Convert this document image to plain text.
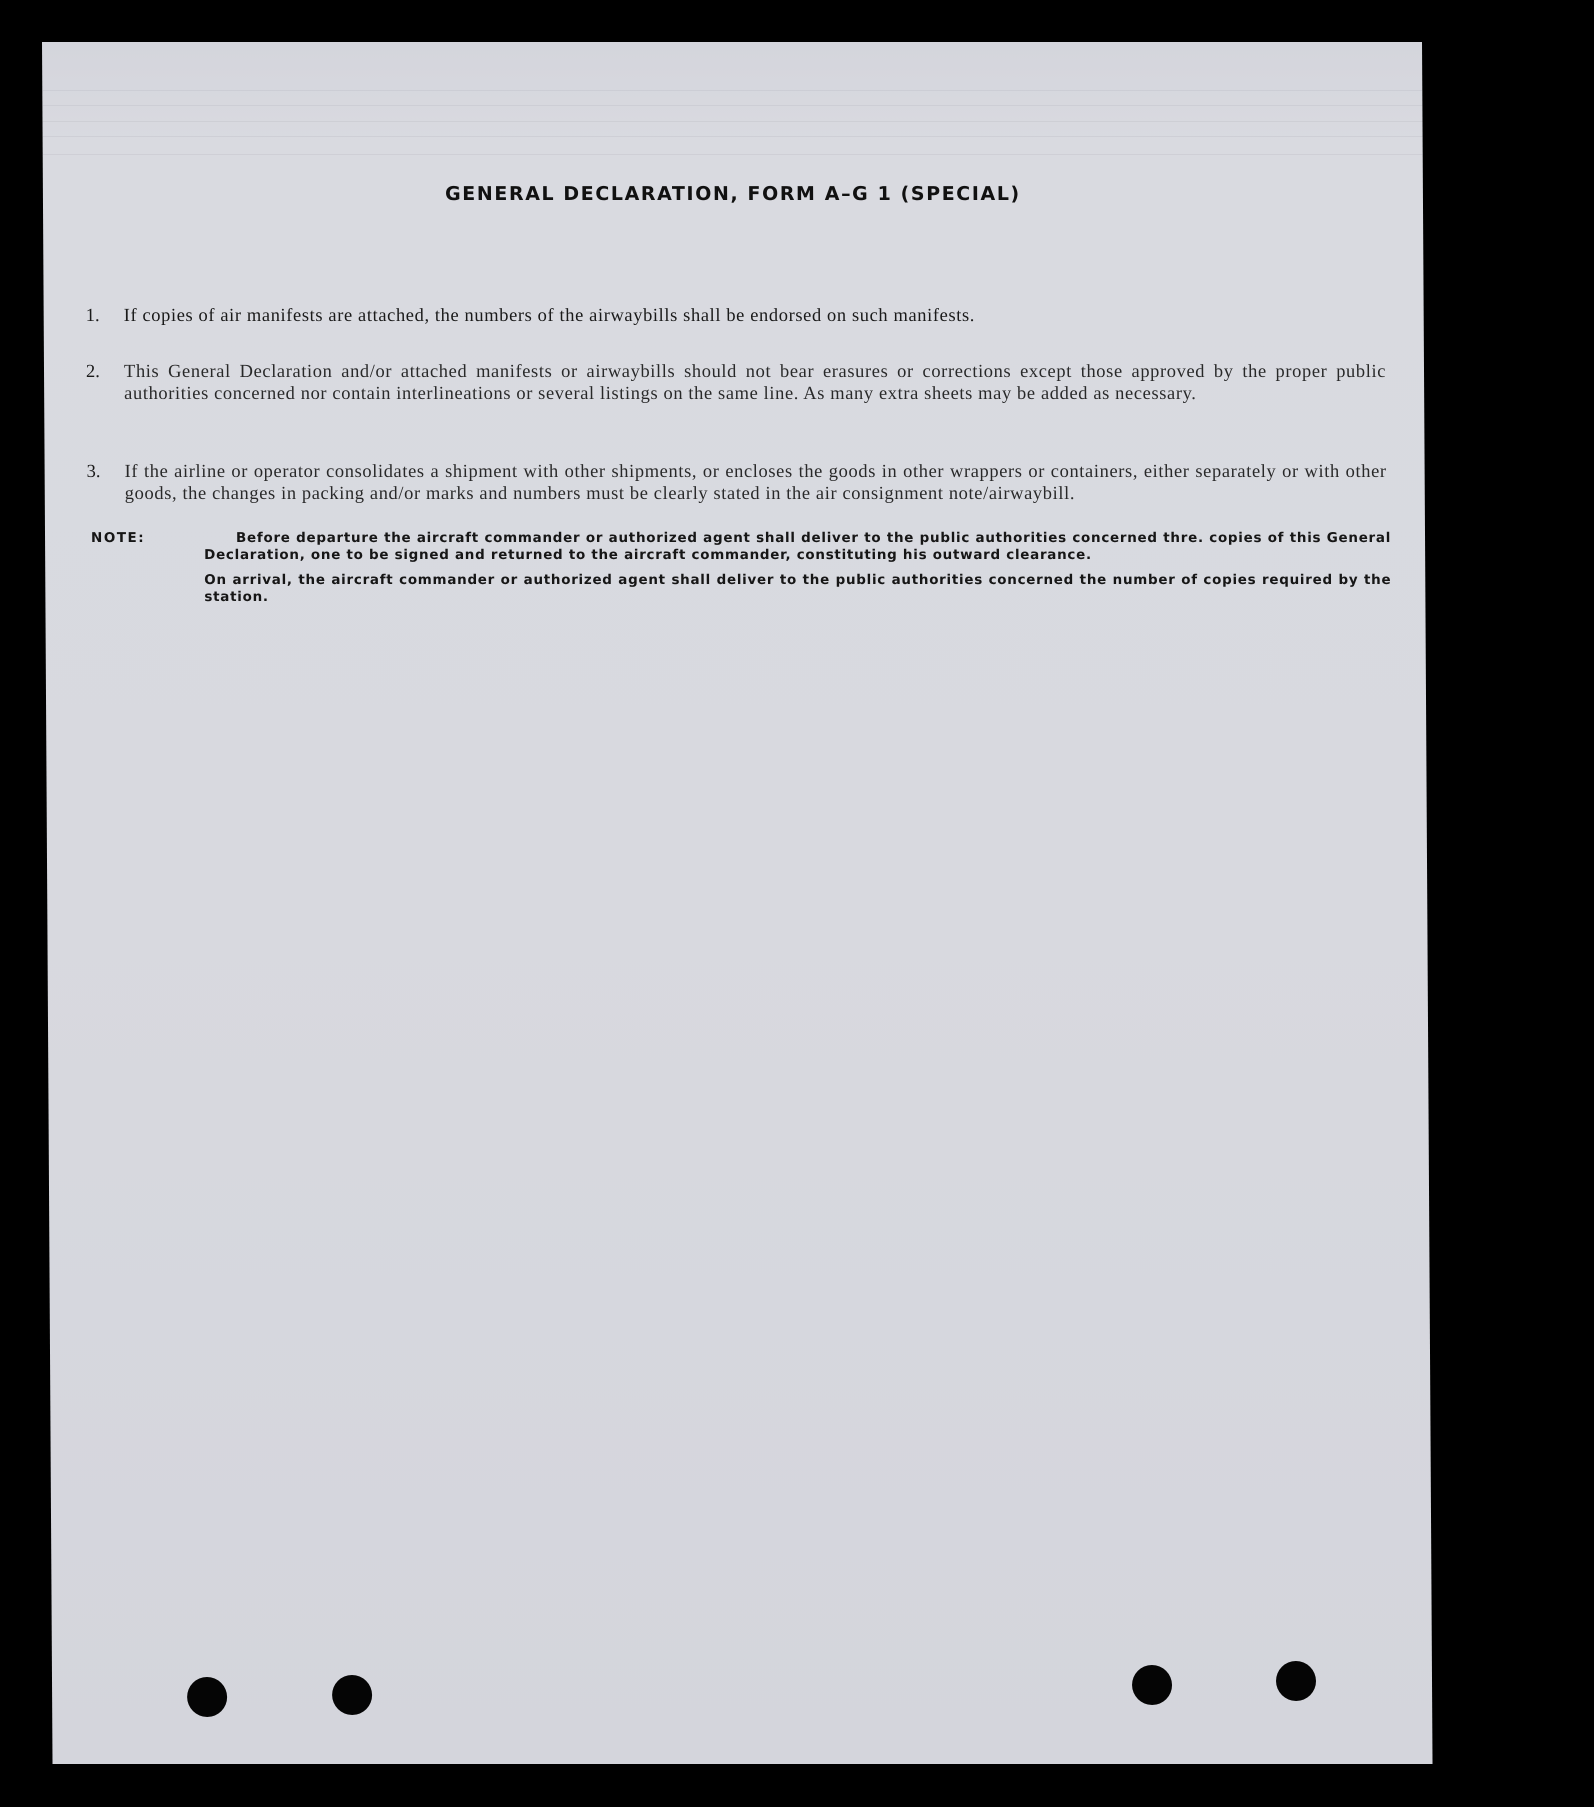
GENERAL DECLARATION, FORM A–G 1 (SPECIAL)
1. If copies of air manifests are attached, the numbers of the airwaybills shall be endorsed on such manifests.
2. This General Declaration and/or attached manifests or airwaybills should not bear erasures or corrections except those approved by the proper public authorities concerned nor contain interlineations or several listings on the same line. As many extra sheets may be added as necessary.
3. If the airline or operator consolidates a shipment with other shipments, or encloses the goods in other wrappers or containers, either separately or with other goods, the changes in packing and/or marks and numbers must be clearly stated in the air consignment note/airwaybill.
NOTE:	Before departure the aircraft commander or authorized agent shall deliver to the public authorities concerned thre. copies of this General Declaration, one to be signed and returned to the aircraft commander, constituting his outward clearance.
On arrival, the aircraft commander or authorized agent shall deliver to the public authorities concerned the number of copies required by the station.
